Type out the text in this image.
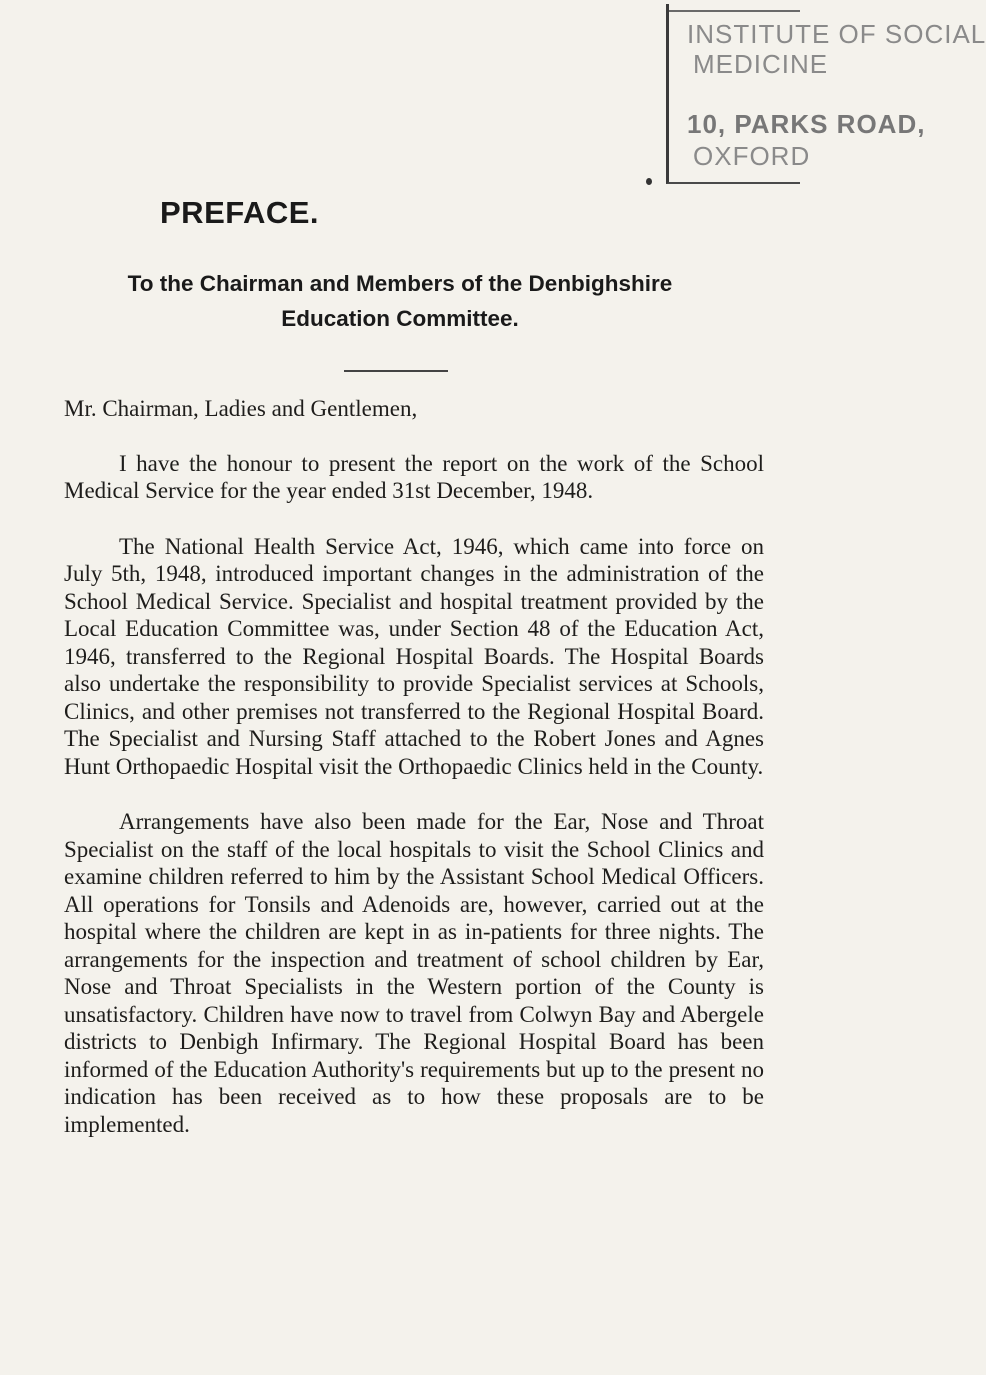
INSTITUTE OF SOCIAL
MEDICINE
10, PARKS ROAD,
OXFORD
PREFACE.
To the Chairman and Members of the Denbighshire
Education Committee.

Mr. Chairman, Ladies and Gentlemen,

I have the honour to present the report on the work of the School Medical Service for the year ended 31st December, 1948.

The National Health Service Act, 1946, which came into force on July 5th, 1948, introduced important changes in the administration of the School Medical Service. Specialist and hospital treatment provided by the Local Education Committee was, under Section 48 of the Education Act, 1946, transferred to the Regional Hospital Boards. The Hospital Boards also undertake the responsibility to provide Specialist services at Schools, Clinics, and other premises not transferred to the Regional Hospital Board. The Specialist and Nursing Staff attached to the Robert Jones and Agnes Hunt Orthopaedic Hospital visit the Orthopaedic Clinics held in the County.

Arrangements have also been made for the Ear, Nose and Throat Specialist on the staff of the local hospitals to visit the School Clinics and examine children referred to him by the Assistant School Medical Officers. All operations for Tonsils and Adenoids are, however, carried out at the hospital where the children are kept in as in-patients for three nights. The arrangements for the inspection and treatment of school children by Ear, Nose and Throat Specialists in the Western portion of the County is unsatisfactory. Children have now to travel from Colwyn Bay and Abergele districts to Denbigh Infirmary. The Regional Hospital Board has been informed of the Education Authority's requirements but up to the present no indication has been received as to how these proposals are to be implemented.
